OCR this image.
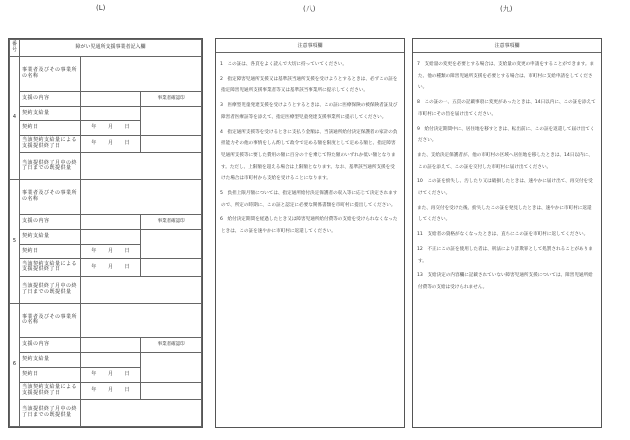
(L)	(八)	(九)
番号	障がい児通所支援事業者記入欄		
4	事業者及びその事業所の名称		
	支援の内容		事業者確認印
	契約支給量		
	契約日	年 月 日	
	当該契約支給量による支援提供終了日	年 月 日	
	当該提供終了月中の終了日までの既提供量		
5	事業者及びその事業所の名称		
	支援の内容		事業者確認印
	契約支給量		
	契約日	年 月 日	
	当該契約支給量による支援提供終了日	年 月 日	
	当該提供終了月中の終了日までの既提供量		
6	事業者及びその事業所の名称		
	支援の内容		事業者確認印
	契約支給量		
	契約日	年 月 日	
	当該契約支給量による支援提供終了日	年 月 日	
	当該提供終了月中の終了日までの既提供量		
注意事項欄

1　この証は、各頁をよく読んで大切に持っていてください。

2　指定障害児通所支援又は基準該当通所支援を受けようとするときは、必ずこの証を指定障害児通所支援事業者等又は基準該当事業所に提示してください。

3　医療型児童発達支援を受けようとするときは、この証に医療保険の被保険者証及び障害者医療証等を添えて、指定医療型児童発達支援事業所に提示してください。

4　指定通所支援等を受けるときに支払う金額は、当該通所給付決定保護者の家計の負担能力その他の事情をしん酌して政令で定める額を限度として定める額と、指定障害児通所支援等に要した費用の額に百分の十を乗じて得た額のいずれか低い額となります。ただし、上限額を超える場合は上限額となります。なお、基準該当通所支援を受けた場合は市町村から支給を受けることになります。

5　負担上限月額については、指定通所給付決定保護者の収入等に応じて決定されますので、所定の時期に、この証と認定に必要な関係書類を市町村に提出してください。

6　給付決定期間を経過したとき又は障害児通所給付費等の支給を受けられなくなったときは、この証を速やかに市町村に返還してください。

注意事項欄

7　支給量の変更を必要とする場合は、支給量の変更の申請をすることができます。また、他の種類の障害児通所支援を必要とする場合は、市町村に支給申請をしてください。

8　この証の一、五頁の記載事項に変更があったときは、14日以内に、この証を添えて市町村にその旨を届け出てください。

9　給付決定期間中に、居住地を移すときは、転出前に、この証を返還して届け出てください。

また、支給決定保護者が、他の市町村の区域へ居住地を移したときは、14日以内に、この証を添えて、この証を交付した市町村に届け出てください。

10　この証を紛失し、汚したり又は破損したときは、速やかに届け出て、再交付を受けてください。

また、再交付を受けた後、紛失したこの証を発見したときは、速やかに市町村に返還してください。

11　支給者の資格がなくなったときは、直ちにこの証を市町村に返してください。

12　不正にこの証を使用した者は、刑法により詐欺罪として処罰されることがあります。

13　支給決定の内容欄に記載されていない障害児通所支援については、障害児通所給付費等の支給は受けられません。
